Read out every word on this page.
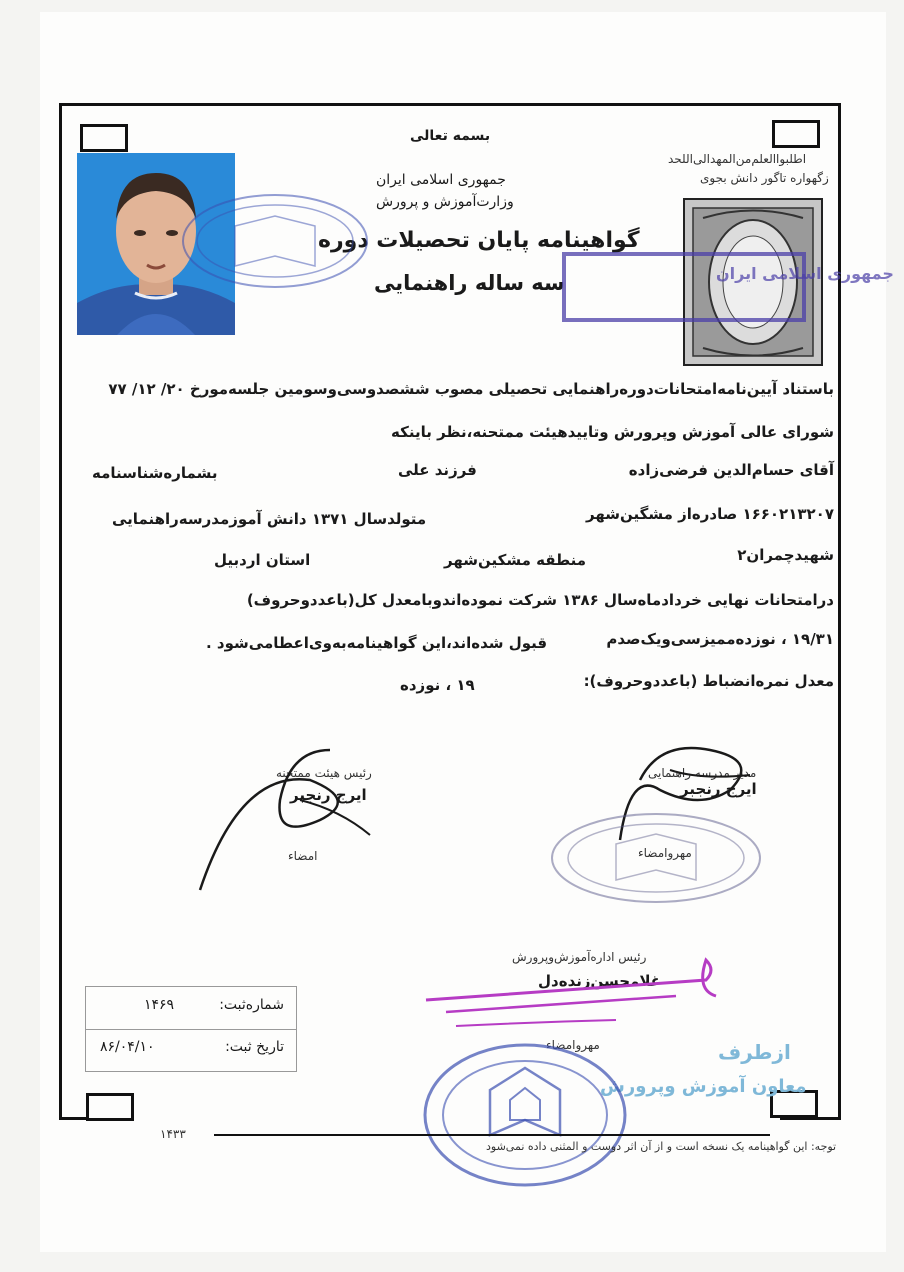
بسمه تعالی
جمهوری اسلامی ایران
وزارت‌آموزش و پرورش
اطلبوا‌العلم‌من‌المهد‌الی‌اللحد
زگهواره تاگور دانش بجوی
گواهینامه پایان تحصیلات دوره
سه ساله راهنمایی	جمهوری اسلامی ایران
باستناد آیین‌نامه‌امتحانات‌دوره‌راهنمایی تحصیلی مصوب ششصدوسی‌وسومین جلسه‌مورخ ۲۰/ ۱۲/ ۷۷
شورای عالی آموزش وپرورش وتاییدهیئت ممتحنه،نظر باینکه
آقای حسام‌الدین فرضی‌زاده
فرزند علی
بشماره‌شناسنامه
۱۶۶۰۲۱۳۲۰۷ صادره‌از مشگین‌شهر
متولدسال ۱۳۷۱ دانش آموزمدرسه‌راهنمایی
شهیدچمران۲
منطقه مشکین‌شهر
استان اردبیل
درامتحانات نهایی خردادماه‌سال ۱۳۸۶ شرکت نموده‌اندوبامعدل کل(باعددوحروف)
۱۹/۳۱ ، نوزده‌ممیزسی‌ویک‌صدم
قبول شده‌اند،این گواهینامه‌به‌وی‌اعطامی‌شود .
معدل نمره‌انضباط (باعددوحروف):
۱۹ ، نوزده
رئیس هیئت ممتحنه
ایرج رنجبر
امضاء
مدیر مدرسه راهنمایی
ایرج رنجبر
مهروامضاء
رئیس اداره‌آموزش‌وپرورش
غلامحسن‌زنده‌دل
مهروامضاء	ازطرف
معاون آموزش وپرورش
شماره‌ثبت:
۱۴۶۹
تاریخ ثبت:
۸۶/۰۴/۱۰
۱۴۳۳
توجه: این گواهینامه یک نسخه است و از آن اثر دوست و المثنی داده نمی‌شود
